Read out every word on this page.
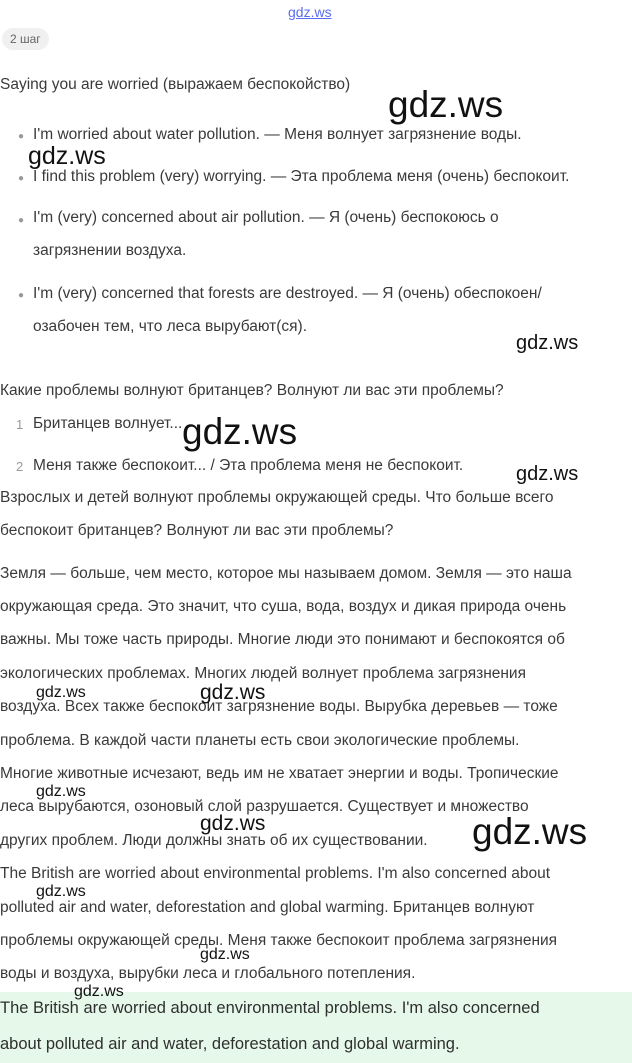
gdz.ws
2 шаг
Saying you are worried (выражаем беспокойство)
● I'm worried about water pollution. — Меня волнует загрязнение воды.
● I find this problem (very) worrying. — Эта проблема меня (очень) беспокоит.
● I'm (very) concerned about air pollution. — Я (очень) беспокоюсь о
загрязнении воздуха.
● I'm (very) concerned that forests are destroyed. — Я (очень) обеспокоен/
озабочен тем, что леса вырубают(ся).
Какие проблемы волнуют британцев? Волнуют ли вас эти проблемы?
1 Британцев волнует...
2 Меня также беспокоит... / Эта проблема меня не беспокоит.
Взрослых и детей волнуют проблемы окружающей среды. Что больше всего
беспокоит британцев? Волнуют ли вас эти проблемы?
Земля — больше, чем место, которое мы называем домом. Земля — это наша
окружающая среда. Это значит, что суша, вода, воздух и дикая природа очень
важны. Мы тоже часть природы. Многие люди это понимают и беспокоятся об
экологических проблемах. Многих людей волнует проблема загрязнения
воздуха. Всех также беспокоит загрязнение воды. Вырубка деревьев — тоже
проблема. В каждой части планеты есть свои экологические проблемы.
Многие животные исчезают, ведь им не хватает энергии и воды. Тропические
леса вырубаются, озоновый слой разрушается. Существует и множество
других проблем. Люди должны знать об их существовании.
The British are worried about environmental problems. I'm also concerned about
polluted air and water, deforestation and global warming. Британцев волнуют
проблемы окружающей среды. Меня также беспокоит проблема загрязнения
воды и воздуха, вырубки леса и глобального потепления.
The British are worried about environmental problems. I'm also concerned
about polluted air and water, deforestation and global warming.
gdz.ws
gdz.ws
gdz.ws
gdz.ws
gdz.ws
gdz.ws	gdz.ws
gdz.ws
gdz.ws	gdz.ws
gdz.ws
gdz.ws
gdz.ws
